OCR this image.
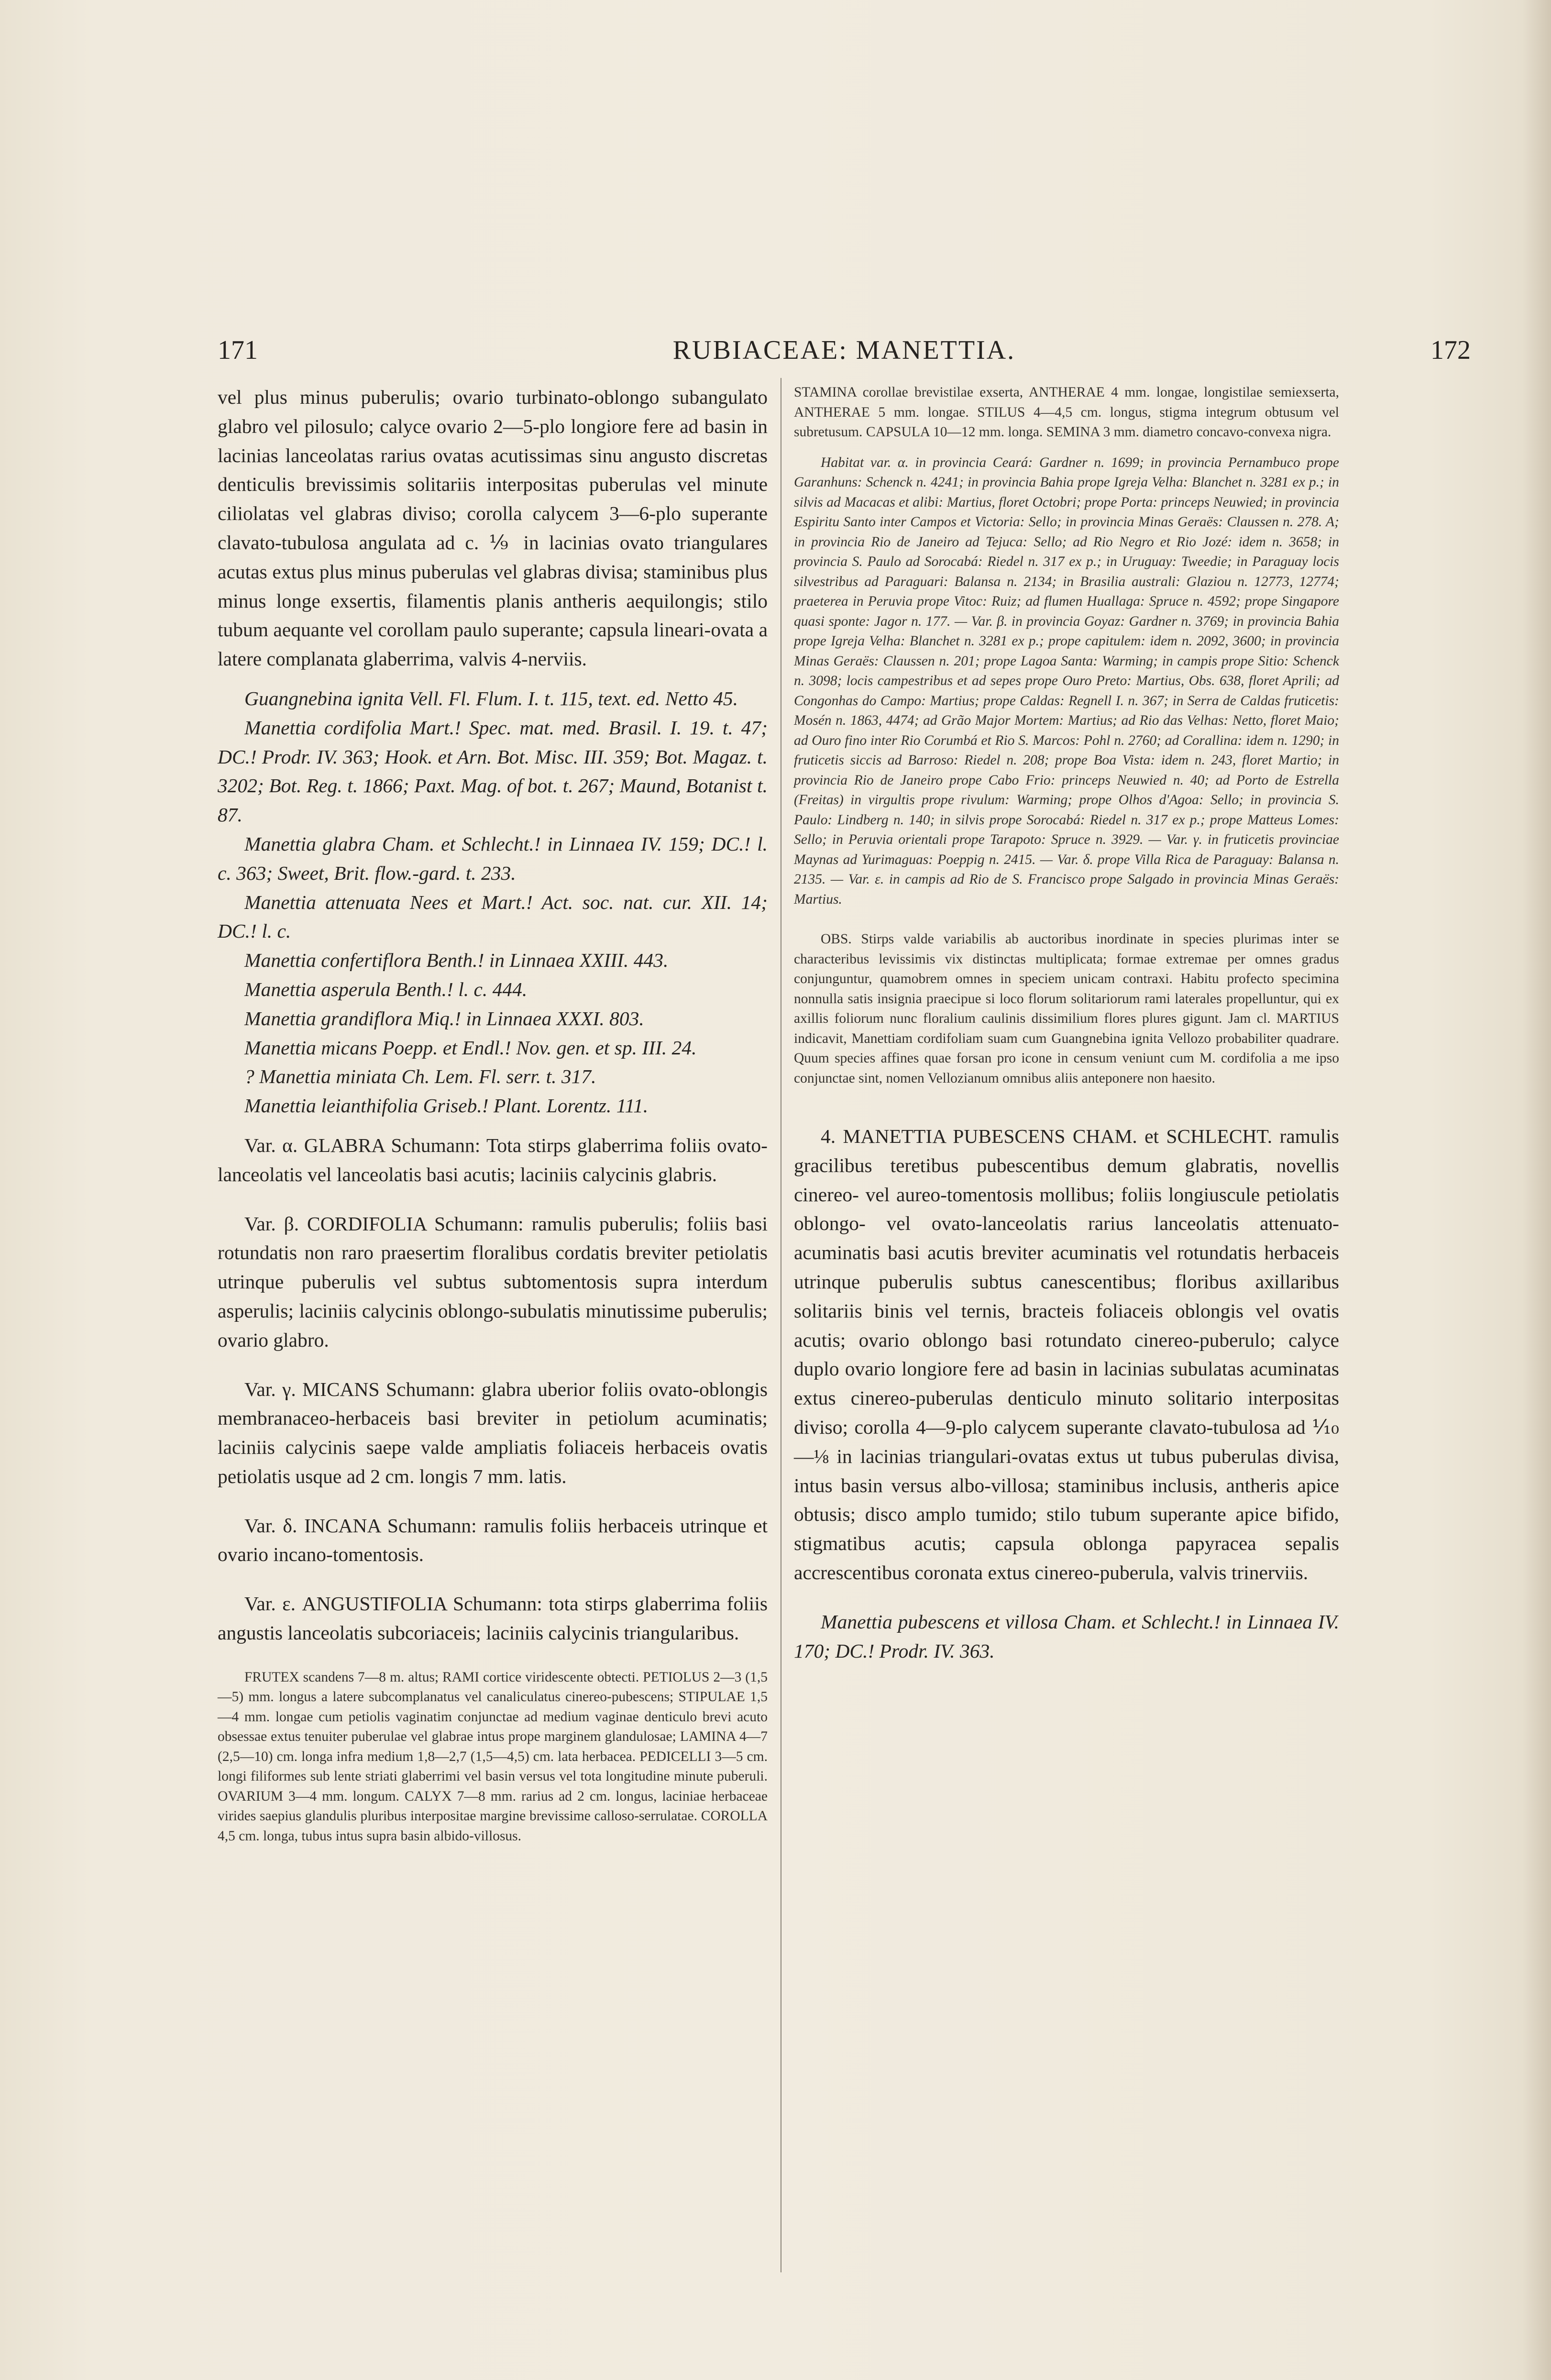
171	RUBIACEAE: MANETTIA.	172

vel plus minus puberulis; ovario turbinato-oblongo subangulato glabro vel pilosulo; calyce ovario 2—5-plo longiore fere ad basin in lacinias lanceolatas rarius ovatas acutissimas sinu angusto discretas denticulis brevissimis solitariis interpositas puberulas vel minute ciliolatas vel glabras diviso; corolla calycem 3—6-plo superante clavato-tubulosa angulata ad c. ⅑ in lacinias ovato triangulares acutas extus plus minus puberulas vel glabras divisa; staminibus plus minus longe exsertis, filamentis planis antheris aequilongis; stilo tubum aequante vel corollam paulo superante; capsula lineari-ovata a latere complanata glaberrima, valvis 4-nerviis.

Guangnebina ignita Vell. Fl. Flum. I. t. 115, text. ed. Netto 45.

Manettia cordifolia Mart.! Spec. mat. med. Brasil. I. 19. t. 47; DC.! Prodr. IV. 363; Hook. et Arn. Bot. Misc. III. 359; Bot. Magaz. t. 3202; Bot. Reg. t. 1866; Paxt. Mag. of bot. t. 267; Maund, Botanist t. 87.

Manettia glabra Cham. et Schlecht.! in Linnaea IV. 159; DC.! l. c. 363; Sweet, Brit. flow.-gard. t. 233.

Manettia attenuata Nees et Mart.! Act. soc. nat. cur. XII. 14; DC.! l. c.

Manettia confertiflora Benth.! in Linnaea XXIII. 443.

Manettia asperula Benth.! l. c. 444.

Manettia grandiflora Miq.! in Linnaea XXXI. 803.

Manettia micans Poepp. et Endl.! Nov. gen. et sp. III. 24.

? Manettia miniata Ch. Lem. Fl. serr. t. 317.

Manettia leianthifolia Griseb.! Plant. Lorentz. 111.

Var. α. GLABRA Schumann: Tota stirps glaberrima foliis ovato-lanceolatis vel lanceolatis basi acutis; laciniis calycinis glabris.

Var. β. CORDIFOLIA Schumann: ramulis puberulis; foliis basi rotundatis non raro praesertim floralibus cordatis breviter petiolatis utrinque puberulis vel subtus subtomentosis supra interdum asperulis; laciniis calycinis oblongo-subulatis minutissime puberulis; ovario glabro.

Var. γ. MICANS Schumann: glabra uberior foliis ovato-oblongis membranaceo-herbaceis basi breviter in petiolum acuminatis; laciniis calycinis saepe valde ampliatis foliaceis herbaceis ovatis petiolatis usque ad 2 cm. longis 7 mm. latis.

Var. δ. INCANA Schumann: ramulis foliis herbaceis utrinque et ovario incano-tomentosis.

Var. ε. ANGUSTIFOLIA Schumann: tota stirps glaberrima foliis angustis lanceolatis subcoriaceis; laciniis calycinis triangularibus.

FRUTEX scandens 7—8 m. altus; RAMI cortice viridescente obtecti. PETIOLUS 2—3 (1,5—5) mm. longus a latere subcomplanatus vel canaliculatus cinereo-pubescens; STIPULAE 1,5—4 mm. longae cum petiolis vaginatim conjunctae ad medium vaginae denticulo brevi acuto obsessae extus tenuiter puberulae vel glabrae intus prope marginem glandulosae; LAMINA 4—7 (2,5—10) cm. longa infra medium 1,8—2,7 (1,5—4,5) cm. lata herbacea. PEDICELLI 3—5 cm. longi filiformes sub lente striati glaberrimi vel basin versus vel tota longitudine minute puberuli. OVARIUM 3—4 mm. longum. CALYX 7—8 mm. rarius ad 2 cm. longus, laciniae herbaceae virides saepius glandulis pluribus interpositae margine brevissime calloso-serrulatae. COROLLA 4,5 cm. longa, tubus intus supra basin albido-villosus.

STAMINA corollae brevistilae exserta, ANTHERAE 4 mm. longae, longistilae semiexserta, ANTHERAE 5 mm. longae. STILUS 4—4,5 cm. longus, stigma integrum obtusum vel subretusum. CAPSULA 10—12 mm. longa. SEMINA 3 mm. diametro concavo-convexa nigra.

Habitat var. α. in provincia Ceará: Gardner n. 1699; in provincia Pernambuco prope Garanhuns: Schenck n. 4241; in provincia Bahia prope Igreja Velha: Blanchet n. 3281 ex p.; in silvis ad Macacas et alibi: Martius, floret Octobri; prope Porta: princeps Neuwied; in provincia Espiritu Santo inter Campos et Victoria: Sello; in provincia Minas Geraës: Claussen n. 278. A; in provincia Rio de Janeiro ad Tejuca: Sello; ad Rio Negro et Rio Jozé: idem n. 3658; in provincia S. Paulo ad Sorocabá: Riedel n. 317 ex p.; in Uruguay: Tweedie; in Paraguay locis silvestribus ad Paraguari: Balansa n. 2134; in Brasilia australi: Glaziou n. 12773, 12774; praeterea in Peruvia prope Vitoc: Ruiz; ad flumen Huallaga: Spruce n. 4592; prope Singapore quasi sponte: Jagor n. 177. — Var. β. in provincia Goyaz: Gardner n. 3769; in provincia Bahia prope Igreja Velha: Blanchet n. 3281 ex p.; prope capitulem: idem n. 2092, 3600; in provincia Minas Geraës: Claussen n. 201; prope Lagoa Santa: Warming; in campis prope Sitio: Schenck n. 3098; locis campestribus et ad sepes prope Ouro Preto: Martius, Obs. 638, floret Aprili; ad Congonhas do Campo: Martius; prope Caldas: Regnell I. n. 367; in Serra de Caldas fruticetis: Mosén n. 1863, 4474; ad Grão Major Mortem: Martius; ad Rio das Velhas: Netto, floret Maio; ad Ouro fino inter Rio Corumbá et Rio S. Marcos: Pohl n. 2760; ad Corallina: idem n. 1290; in fruticetis siccis ad Barroso: Riedel n. 208; prope Boa Vista: idem n. 243, floret Martio; in provincia Rio de Janeiro prope Cabo Frio: princeps Neuwied n. 40; ad Porto de Estrella (Freitas) in virgultis prope rivulum: Warming; prope Olhos d'Agoa: Sello; in provincia S. Paulo: Lindberg n. 140; in silvis prope Sorocabá: Riedel n. 317 ex p.; prope Matteus Lomes: Sello; in Peruvia orientali prope Tarapoto: Spruce n. 3929. — Var. γ. in fruticetis provinciae Maynas ad Yurimaguas: Poeppig n. 2415. — Var. δ. prope Villa Rica de Paraguay: Balansa n. 2135. — Var. ε. in campis ad Rio de S. Francisco prope Salgado in provincia Minas Geraës: Martius.

OBS. Stirps valde variabilis ab auctoribus inordinate in species plurimas inter se characteribus levissimis vix distinctas multiplicata; formae extremae per omnes gradus conjunguntur, quamobrem omnes in speciem unicam contraxi. Habitu profecto specimina nonnulla satis insignia praecipue si loco florum solitariorum rami laterales propelluntur, qui ex axillis foliorum nunc floralium caulinis dissimilium flores plures gigunt. Jam cl. MARTIUS indicavit, Manettiam cordifoliam suam cum Guangnebina ignita Vellozo probabiliter quadrare. Quum species affines quae forsan pro icone in censum veniunt cum M. cordifolia a me ipso conjunctae sint, nomen Vellozianum omnibus aliis anteponere non haesito.

4. MANETTIA PUBESCENS CHAM. et SCHLECHT. ramulis gracilibus teretibus pubescentibus demum glabratis, novellis cinereo- vel aureo-tomentosis mollibus; foliis longiuscule petiolatis oblongo- vel ovato-lanceolatis rarius lanceolatis attenuato-acuminatis basi acutis breviter acuminatis vel rotundatis herbaceis utrinque puberulis subtus canescentibus; floribus axillaribus solitariis binis vel ternis, bracteis foliaceis oblongis vel ovatis acutis; ovario oblongo basi rotundato cinereo-puberulo; calyce duplo ovario longiore fere ad basin in lacinias subulatas acuminatas extus cinereo-puberulas denticulo minuto solitario interpositas diviso; corolla 4—9-plo calycem superante clavato-tubulosa ad ⅒—⅛ in lacinias triangulari-ovatas extus ut tubus puberulas divisa, intus basin versus albo-villosa; staminibus inclusis, antheris apice obtusis; disco amplo tumido; stilo tubum superante apice bifido, stigmatibus acutis; capsula oblonga papyracea sepalis accrescentibus coronata extus cinereo-puberula, valvis trinerviis.

Manettia pubescens et villosa Cham. et Schlecht.! in Linnaea IV. 170; DC.! Prodr. IV. 363.
